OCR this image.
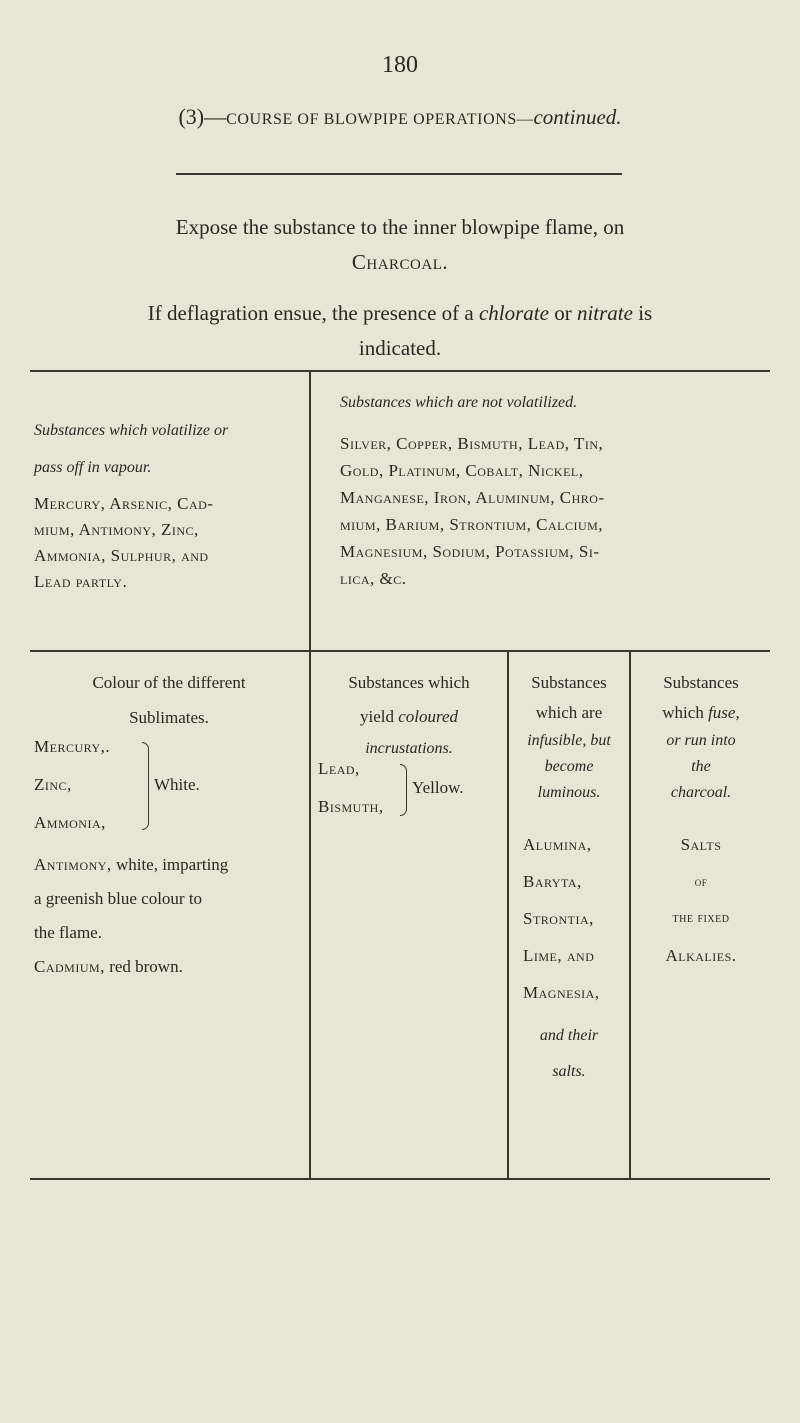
180
(3)—COURSE OF BLOWPIPE OPERATIONS—continued.
Expose the substance to the inner blowpipe flame, on
Charcoal.
If deflagration ensue, the presence of a chlorate or nitrate is
indicated.
Substances which volatilize or
pass off in vapour.
Mercury, Arsenic, Cad-
mium, Antimony, Zinc,
Ammonia, Sulphur, and
Lead partly.
Substances which are not volatilized.
Silver, Copper, Bismuth, Lead, Tin,
Gold, Platinum, Cobalt, Nickel,
Manganese, Iron, Aluminum, Chro-
mium, Barium, Strontium, Calcium,
Magnesium, Sodium, Potassium, Si-
lica, &c.
Colour of the different
Sublimates.
Mercury,.
Zinc,
Ammonia,
White.
Antimony, white, imparting
a greenish blue colour to
the flame.
Cadmium, red brown.
Substances which
yield coloured
incrustations.
Lead,
Bismuth,
Yellow.
Substances
which are
infusible, but
become
luminous.
Alumina,
Baryta,
Strontia,
Lime, and
Magnesia,
and their
salts.
Substances
which fuse,
or run into
the
charcoal.
Salts
of
the fixed
Alkalies.
